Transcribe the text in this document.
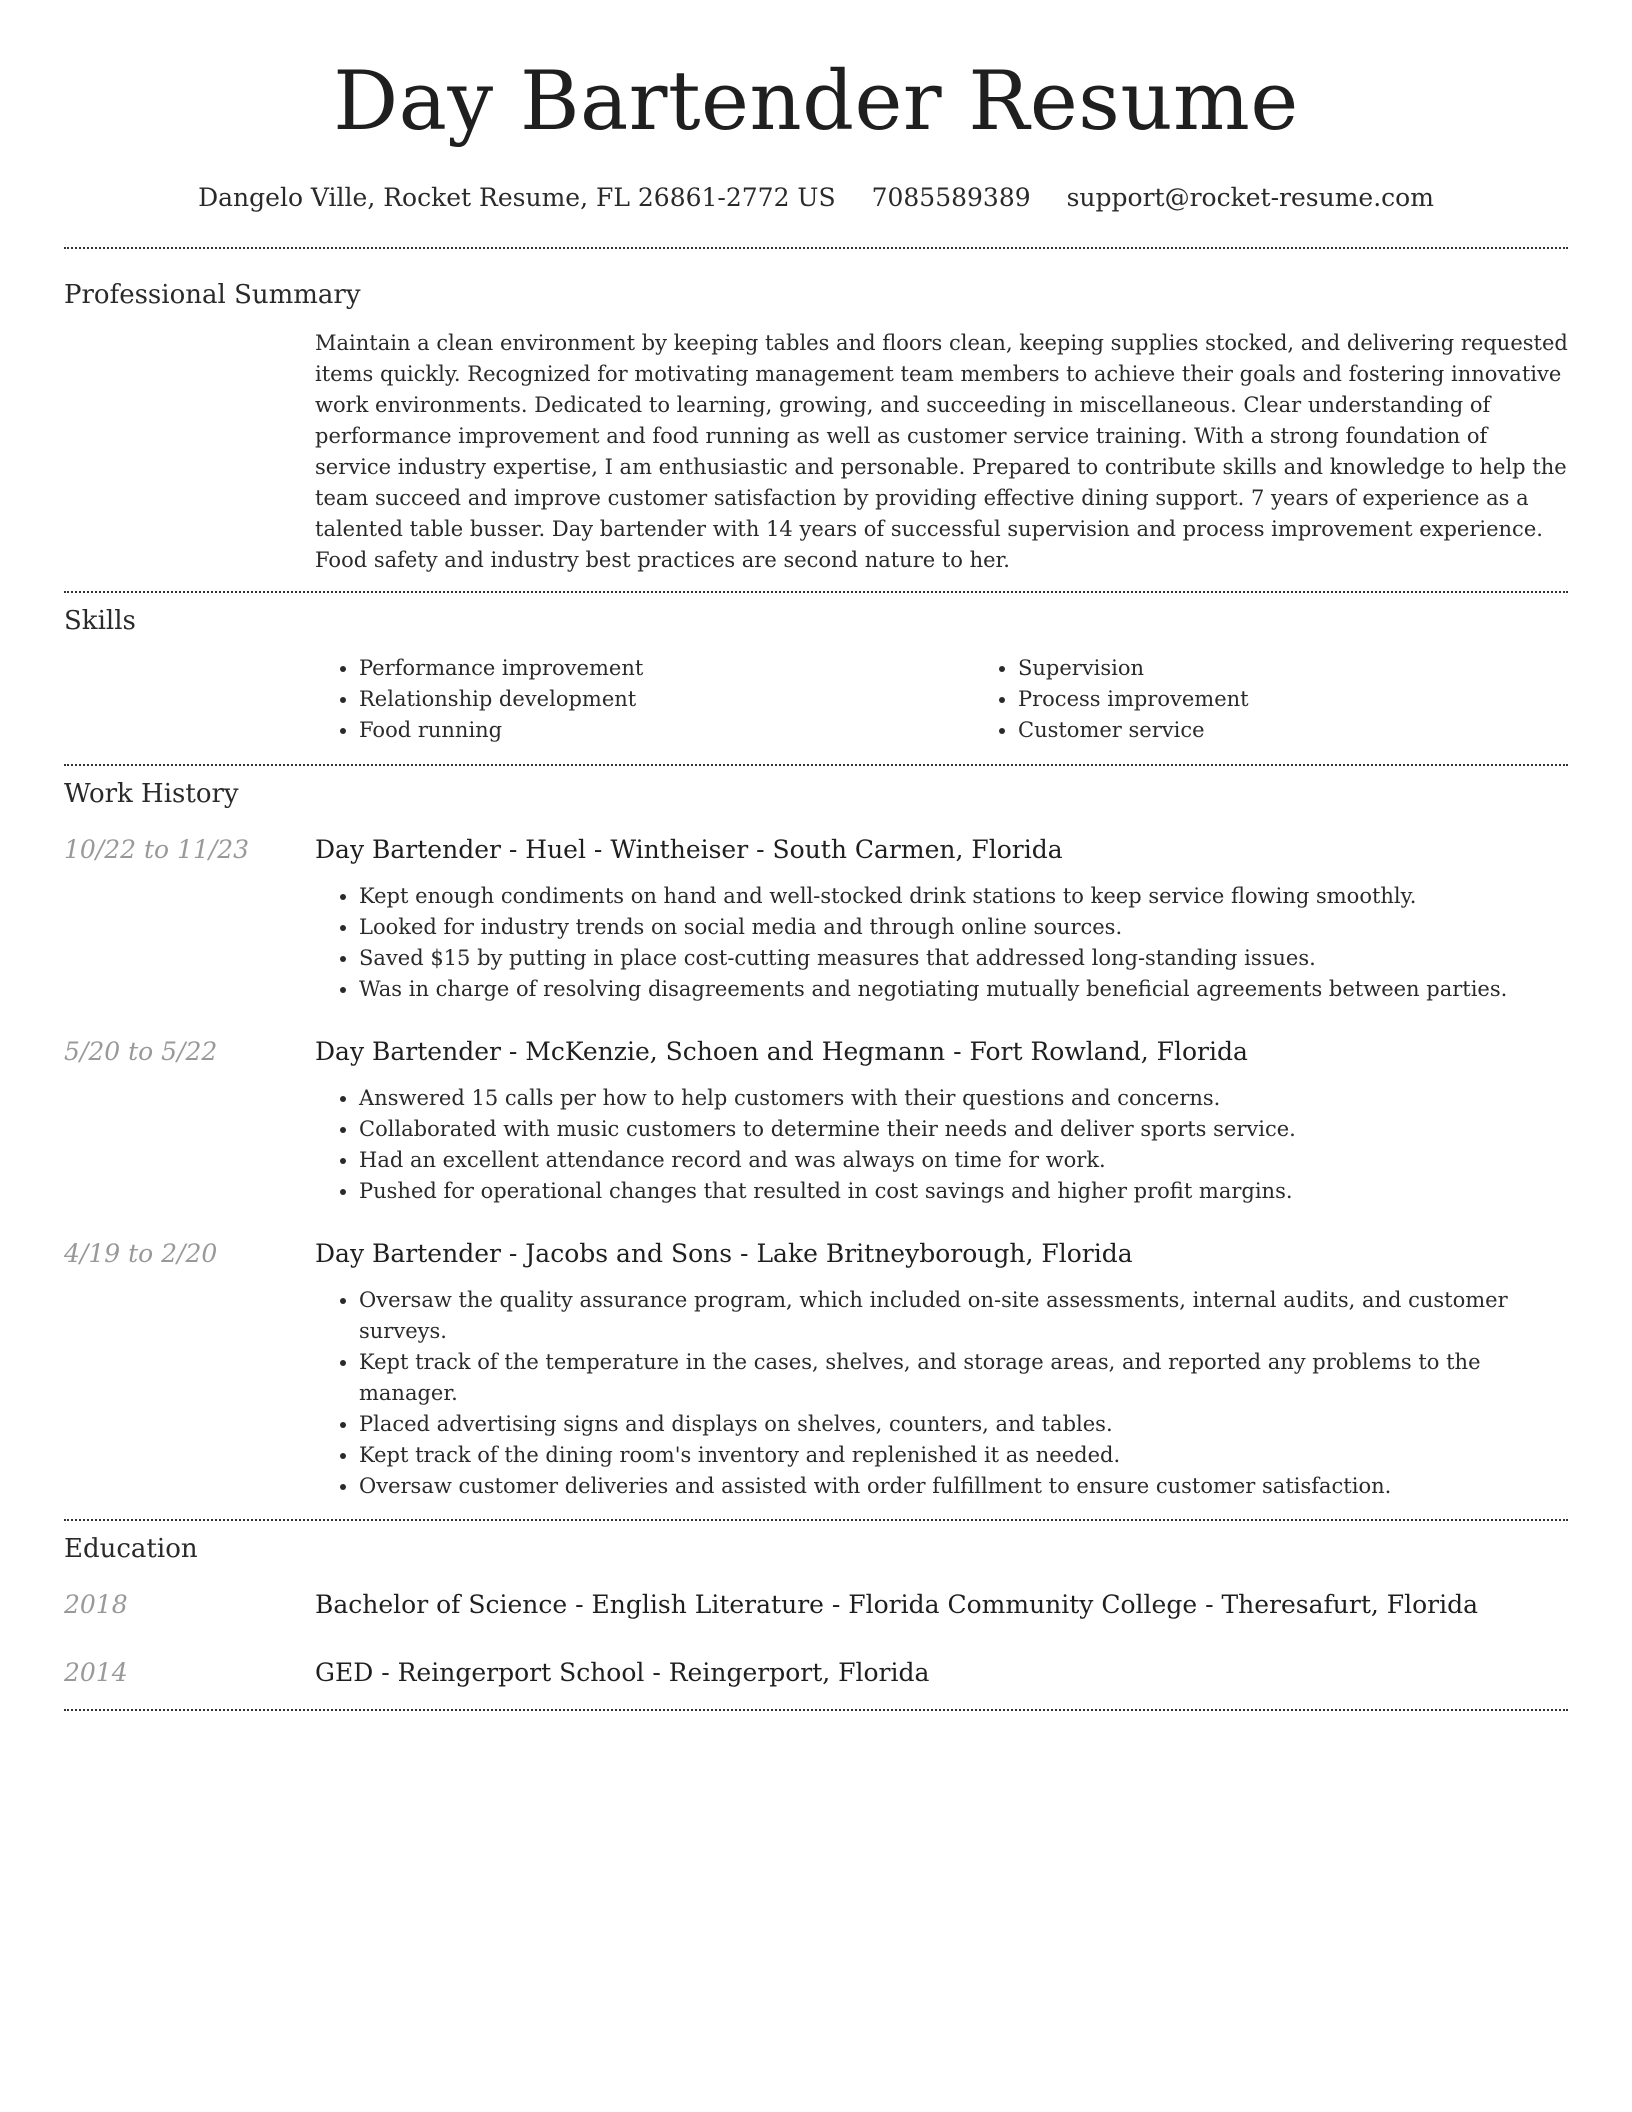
Day Bartender Resume
Dangelo Ville, Rocket Resume, FL 26861-2772 US 7085589389 support@rocket-resume.com
Professional Summary

Maintain a clean environment by keeping tables and floors clean, keeping supplies stocked, and delivering requested items quickly. Recognized for motivating management team members to achieve their goals and fostering innovative work environments. Dedicated to learning, growing, and succeeding in miscellaneous. Clear understanding of performance improvement and food running as well as customer service training. With a strong foundation of service industry expertise, I am enthusiastic and personable. Prepared to contribute skills and knowledge to help the team succeed and improve customer satisfaction by providing effective dining support. 7 years of experience as a talented table busser. Day bartender with 14 years of successful supervision and process improvement experience. Food safety and industry best practices are second nature to her.

Skills
• Performance improvement
• Relationship development
• Food running
• Supervision
• Process improvement
• Customer service
Work History
10/22 to 11/23	Day Bartender - Huel - Wintheiser - South Carmen, Florida
• Kept enough condiments on hand and well-stocked drink stations to keep service flowing smoothly.
• Looked for industry trends on social media and through online sources.
• Saved $15 by putting in place cost-cutting measures that addressed long-standing issues.
• Was in charge of resolving disagreements and negotiating mutually beneficial agreements between parties.
5/20 to 5/22	Day Bartender - McKenzie, Schoen and Hegmann - Fort Rowland, Florida
• Answered 15 calls per how to help customers with their questions and concerns.
• Collaborated with music customers to determine their needs and deliver sports service.
• Had an excellent attendance record and was always on time for work.
• Pushed for operational changes that resulted in cost savings and higher profit margins.
4/19 to 2/20	Day Bartender - Jacobs and Sons - Lake Britneyborough, Florida
• Oversaw the quality assurance program, which included on-site assessments, internal audits, and customer surveys.
• Kept track of the temperature in the cases, shelves, and storage areas, and reported any problems to the manager.
• Placed advertising signs and displays on shelves, counters, and tables.
• Kept track of the dining room's inventory and replenished it as needed.
• Oversaw customer deliveries and assisted with order fulfillment to ensure customer satisfaction.
Education
2018	Bachelor of Science - English Literature - Florida Community College - Theresafurt, Florida
2014	GED - Reingerport School - Reingerport, Florida
